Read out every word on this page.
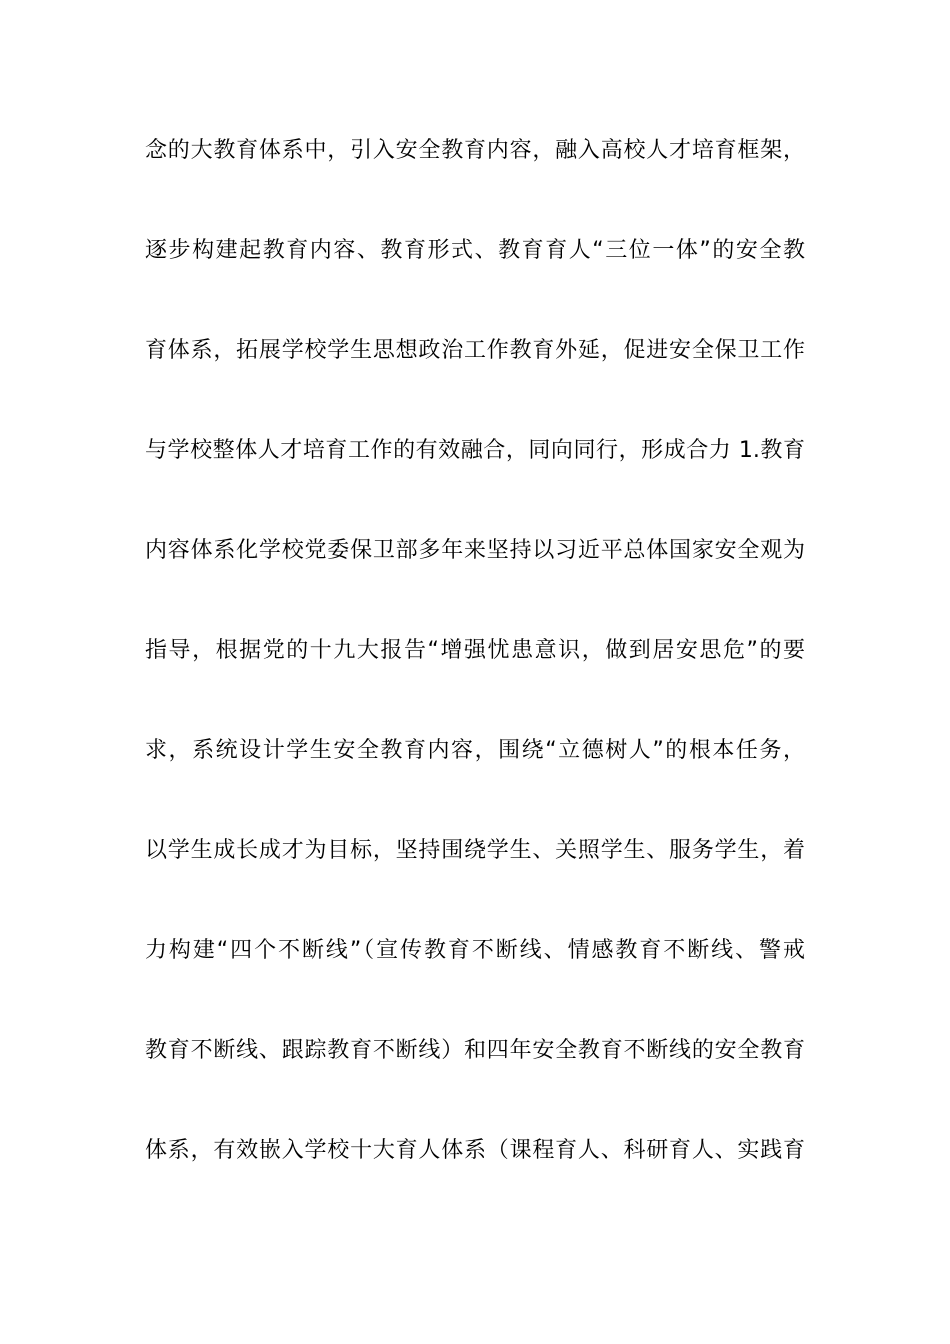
念的大教育体系中，引入安全教育内容，融入高校人才培育框架，
逐步构建起教育内容、教育形式、教育育人“三位一体”的安全教
育体系，拓展学校学生思想政治工作教育外延，促进安全保卫工作
与学校整体人才培育工作的有效融合，同向同行，形成合力 1.教育
内容体系化学校党委保卫部多年来坚持以习近平总体国家安全观为
指导，根据党的十九大报告“增强忧患意识，做到居安思危”的要
求，系统设计学生安全教育内容，围绕“立德树人”的根本任务，
以学生成长成才为目标，坚持围绕学生、关照学生、服务学生，着
力构建“四个不断线”（宣传教育不断线、情感教育不断线、警戒
教育不断线、跟踪教育不断线）和四年安全教育不断线的安全教育
体系，有效嵌入学校十大育人体系（课程育人、科研育人、实践育
